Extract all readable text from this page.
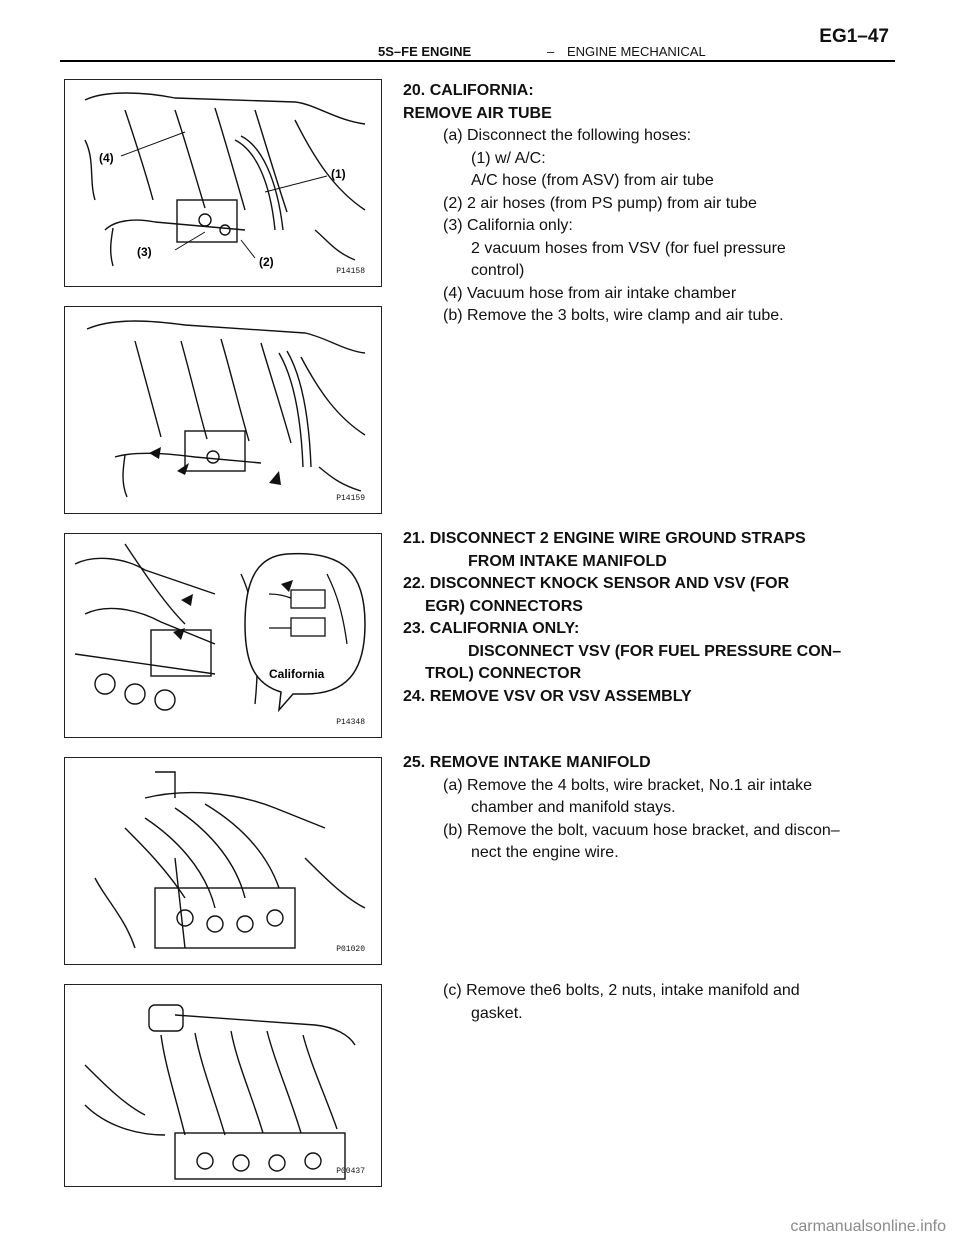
5S–FE ENGINE	– ENGINE MECHANICAL
EG1–47
(4)
(1)
(3)
(2)
P14158
P14159
California
P14348
P01020
P00437

20. CALIFORNIA:

REMOVE AIR TUBE

(a) Disconnect the following hoses:

(1) w/ A/C:

A/C hose (from ASV) from air tube

(2) 2 air hoses (from PS pump) from air tube

(3) California only:

2 vacuum hoses from VSV (for fuel pressure

control)

(4) Vacuum hose from air intake chamber

(b) Remove the 3 bolts, wire clamp and air tube.

21. DISCONNECT 2 ENGINE WIRE GROUND STRAPS

FROM INTAKE MANIFOLD

22. DISCONNECT KNOCK SENSOR AND VSV (FOR

EGR) CONNECTORS

23. CALIFORNIA ONLY:

DISCONNECT VSV (FOR FUEL PRESSURE CON–

TROL) CONNECTOR

24. REMOVE VSV OR VSV ASSEMBLY

25. REMOVE INTAKE MANIFOLD

(a) Remove the 4 bolts, wire bracket, No.1 air intake

chamber and manifold stays.

(b) Remove the bolt, vacuum hose bracket, and discon–

nect the engine wire.

(c) Remove the6 bolts, 2 nuts, intake manifold and

gasket.

carmanualsonline.info
